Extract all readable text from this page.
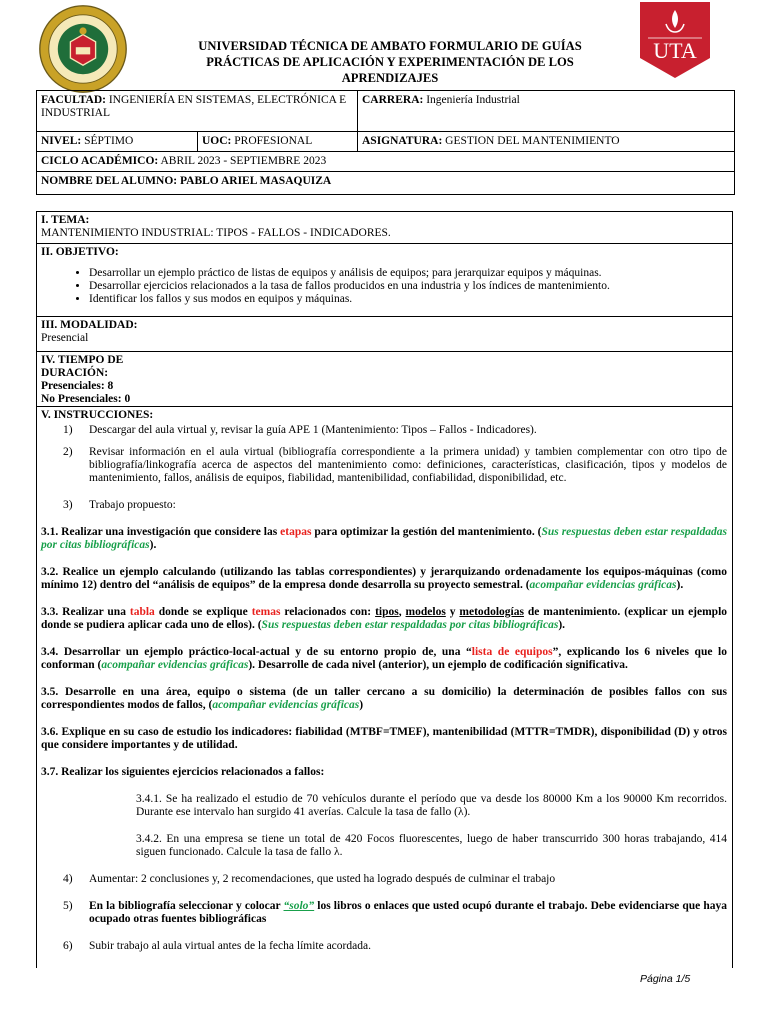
UNIVERSIDAD TÉCNICA DE AMBATO FORMULARIO DE GUÍAS PRÁCTICAS DE APLICACIÓN Y EXPERIMENTACIÓN DE LOS APRENDIZAJES
UTA
FACULTAD: INGENIERÍA EN SISTEMAS, ELECTRÓNICA E INDUSTRIAL
CARRERA: Ingeniería Industrial
NIVEL: SÉPTIMO	UOC: PROFESIONAL	ASIGNATURA: GESTION DEL MANTENIMIENTO
CICLO ACADÉMICO: ABRIL 2023 - SEPTIEMBRE 2023
NOMBRE DEL ALUMNO: PABLO ARIEL MASAQUIZA
I. TEMA:
MANTENIMIENTO INDUSTRIAL: TIPOS - FALLOS - INDICADORES.
II. OBJETIVO:
• Desarrollar un ejemplo práctico de listas de equipos y análisis de equipos; para jerarquizar equipos y máquinas.
• Desarrollar ejercicios relacionados a la tasa de fallos producidos en una industria y los índices de mantenimiento.
• Identificar los fallos y sus modos en equipos y máquinas.
III. MODALIDAD:
Presencial
IV. TIEMPO DE DURACIÓN:
Presenciales: 8
No Presenciales: 0
V. INSTRUCCIONES:
1)	Descargar del aula virtual y, revisar la guía APE 1 (Mantenimiento: Tipos – Fallos - Indicadores).
2)	Revisar información en el aula virtual (bibliografía correspondiente a la primera unidad) y tambien complementar con otro tipo de bibliografía/linkografía acerca de aspectos del mantenimiento como: definiciones, características, clasificación, tipos y modelos de mantenimiento, fallos, análisis de equipos, fiabilidad, mantenibilidad, confiabilidad, disponibilidad, etc.
3)	Trabajo propuesto:
3.1. Realizar una investigación que considere las etapas para optimizar la gestión del mantenimiento. (Sus respuestas deben estar respaldadas por citas bibliográficas).
3.2. Realice un ejemplo calculando (utilizando las tablas correspondientes) y jerarquizando ordenadamente los equipos-máquinas (como mínimo 12) dentro del “análisis de equipos” de la empresa donde desarrolla su proyecto semestral. (acompañar evidencias gráficas).
3.3. Realizar una tabla donde se explique temas relacionados con: tipos, modelos y metodologías de mantenimiento. (explicar un ejemplo donde se pudiera aplicar cada uno de ellos). (Sus respuestas deben estar respaldadas por citas bibliográficas).
3.4. Desarrollar un ejemplo práctico-local-actual y de su entorno propio de, una “lista de equipos”, explicando los 6 niveles que lo conforman (acompañar evidencias gráficas). Desarrolle de cada nivel (anterior), un ejemplo de codificación significativa.
3.5. Desarrolle en una área, equipo o sistema (de un taller cercano a su domicilio) la determinación de posibles fallos con sus correspondientes modos de fallos, (acompañar evidencias gráficas)
3.6. Explique en su caso de estudio los indicadores: fiabilidad (MTBF=TMEF), mantenibilidad (MTTR=TMDR), disponibilidad (D) y otros que considere importantes y de utilidad.
3.7. Realizar los siguientes ejercicios relacionados a fallos:
3.4.1. Se ha realizado el estudio de 70 vehículos durante el período que va desde los 80000 Km a los 90000 Km recorridos. Durante ese intervalo han surgido 41 averías. Calcule la tasa de fallo (λ).
3.4.2. En una empresa se tiene un total de 420 Focos fluorescentes, luego de haber transcurrido 300 horas trabajando, 414 siguen funcionado. Calcule la tasa de fallo λ.
4)	Aumentar: 2 conclusiones y, 2 recomendaciones, que usted ha logrado después de culminar el trabajo
5)	En la bibliografía seleccionar y colocar “solo” los libros o enlaces que usted ocupó durante el trabajo. Debe evidenciarse que haya ocupado otras fuentes bibliográficas
6)	Subir trabajo al aula virtual antes de la fecha límite acordada.
Página 1/5
